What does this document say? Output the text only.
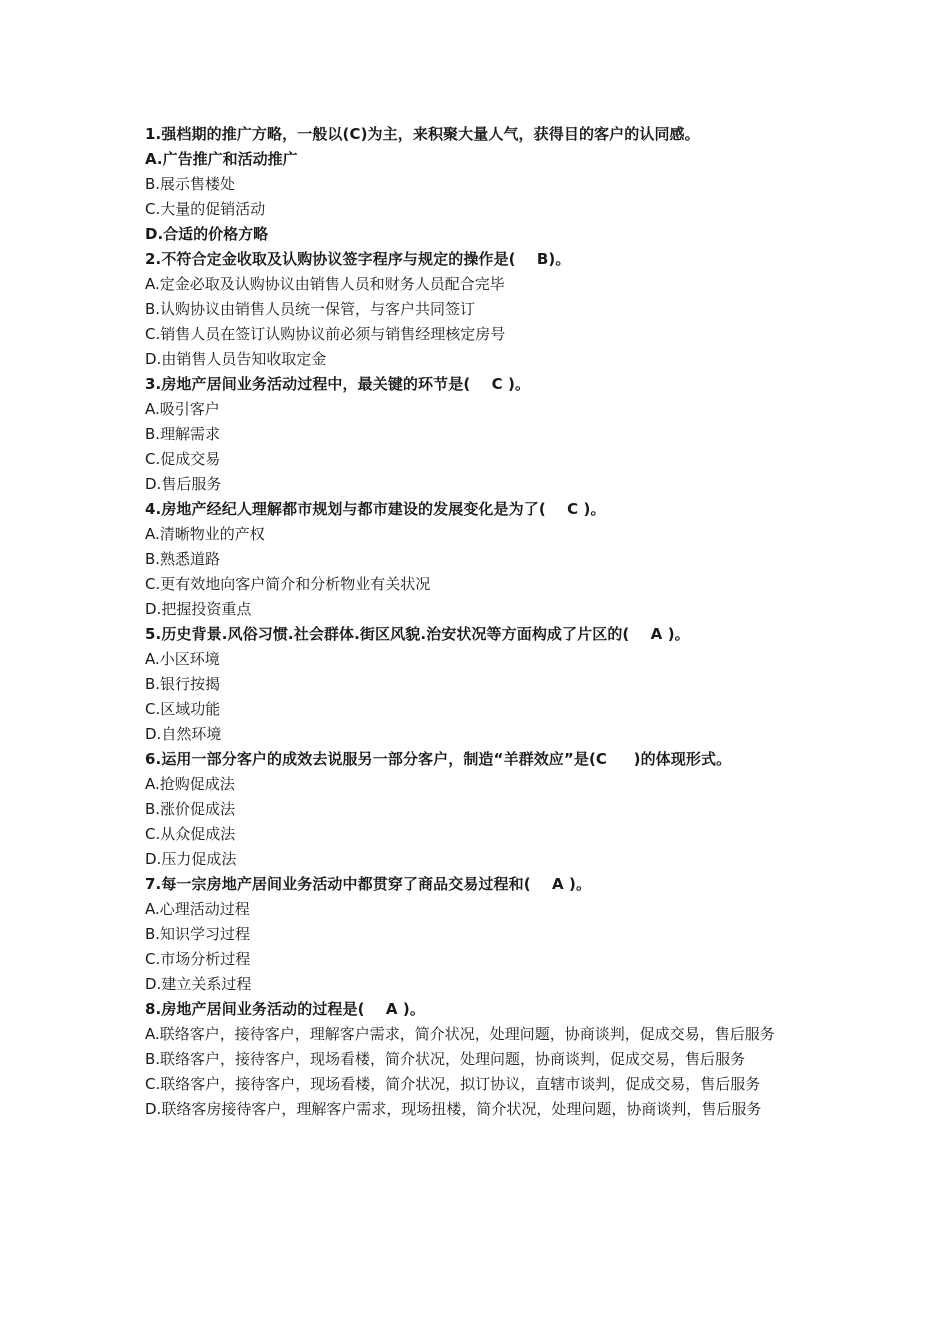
1.强档期的推广方略，一般以(C)为主，来积聚大量人气，获得目的客户的认同感。

A.广告推广和活动推广

B.展示售楼处

C.大量的促销活动

D.合适的价格方略

2.不符合定金收取及认购协议签字程序与规定的操作是(    B)。

A.定金必取及认购协议由销售人员和财务人员配合完毕

B.认购协议由销售人员统一保管，与客户共同签订

C.销售人员在签订认购协议前必须与销售经理核定房号

D.由销售人员告知收取定金

3.房地产居间业务活动过程中，最关键的环节是(    C )。

A.吸引客户

B.理解需求

C.促成交易

D.售后服务

4.房地产经纪人理解都市规划与都市建设的发展变化是为了(    C )。

A.清晰物业的产权

B.熟悉道路

C.更有效地向客户简介和分析物业有关状况

D.把握投资重点

5.历史背景.风俗习惯.社会群体.街区风貌.治安状况等方面构成了片区的(    A )。

A.小区环境

B.银行按揭

C.区域功能

D.自然环境

6.运用一部分客户的成效去说服另一部分客户，制造“羊群效应”是(C     )的体现形式。

A.抢购促成法

B.涨价促成法

C.从众促成法

D.压力促成法

7.每一宗房地产居间业务活动中都贯穿了商品交易过程和(    A )。

A.心理活动过程

B.知识学习过程

C.市场分析过程

D.建立关系过程

8.房地产居间业务活动的过程是(    A )。

A.联络客户，接待客户，理解客户需求，简介状况，处理问题，协商谈判，促成交易，售后服务

B.联络客户，接待客户，现场看楼，简介状况，处理问题，协商谈判，促成交易，售后服务

C.联络客户，接待客户，现场看楼，简介状况，拟订协议，直辖市谈判，促成交易，售后服务

D.联络客房接待客户，理解客户需求，现场扭楼，简介状况，处理问题，协商谈判，售后服务
